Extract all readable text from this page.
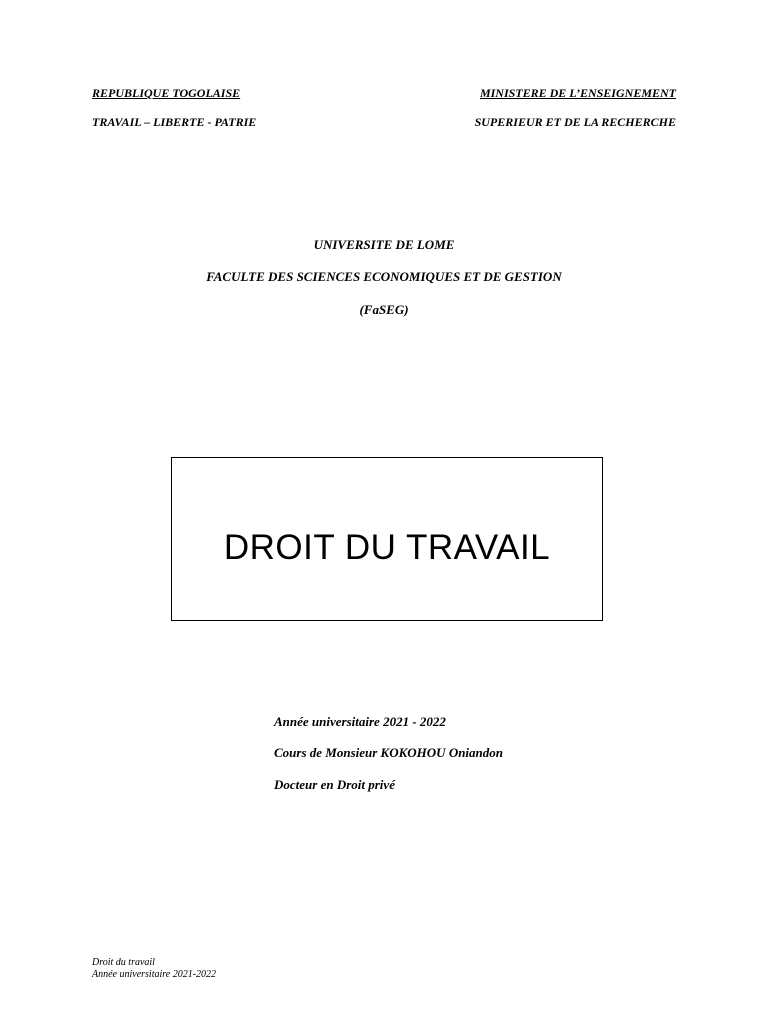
REPUBLIQUE TOGOLAISE
TRAVAIL – LIBERTE - PATRIE
MINISTERE DE L’ENSEIGNEMENT
SUPERIEUR ET DE LA RECHERCHE
UNIVERSITE DE LOME
FACULTE DES SCIENCES ECONOMIQUES ET DE GESTION
(FaSEG)
DROIT DU TRAVAIL
Année universitaire 2021 - 2022
Cours de Monsieur KOKOHOU Oniandon
Docteur en Droit privé
Droit du travail
Année universitaire 2021-2022
